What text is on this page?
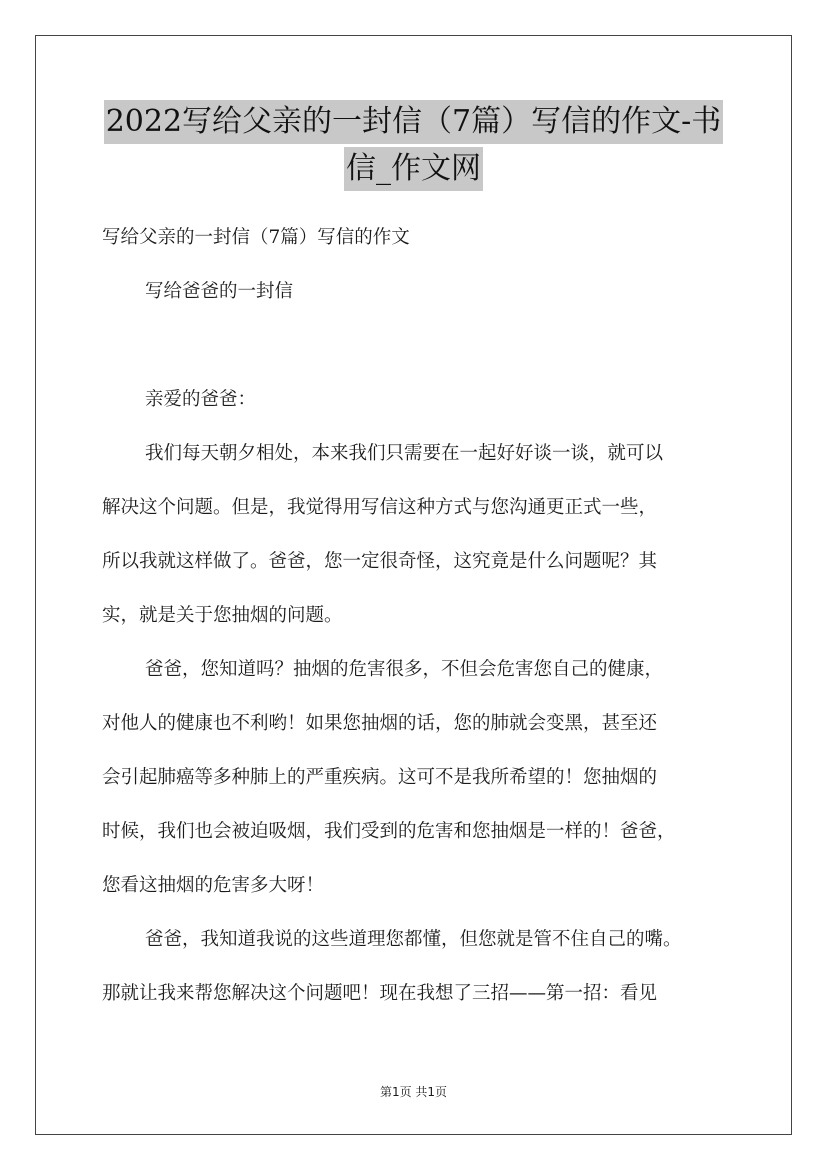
2022写给父亲的一封信（7篇）写信的作文-书
信_作文网
写给父亲的一封信（7篇）写信的作文
写给爸爸的一封信
亲爱的爸爸：
我们每天朝夕相处，本来我们只需要在一起好好谈一谈，就可以
解决这个问题。但是，我觉得用写信这种方式与您沟通更正式一些，
所以我就这样做了。爸爸，您一定很奇怪，这究竟是什么问题呢？其
实，就是关于您抽烟的问题。
爸爸，您知道吗？抽烟的危害很多，不但会危害您自己的健康，
对他人的健康也不利哟！如果您抽烟的话，您的肺就会变黑，甚至还
会引起肺癌等多种肺上的严重疾病。这可不是我所希望的！您抽烟的
时候，我们也会被迫吸烟，我们受到的危害和您抽烟是一样的！爸爸，
您看这抽烟的危害多大呀！
爸爸，我知道我说的这些道理您都懂，但您就是管不住自己的嘴。
那就让我来帮您解决这个问题吧！现在我想了三招——第一招：看见
第1页 共1页
